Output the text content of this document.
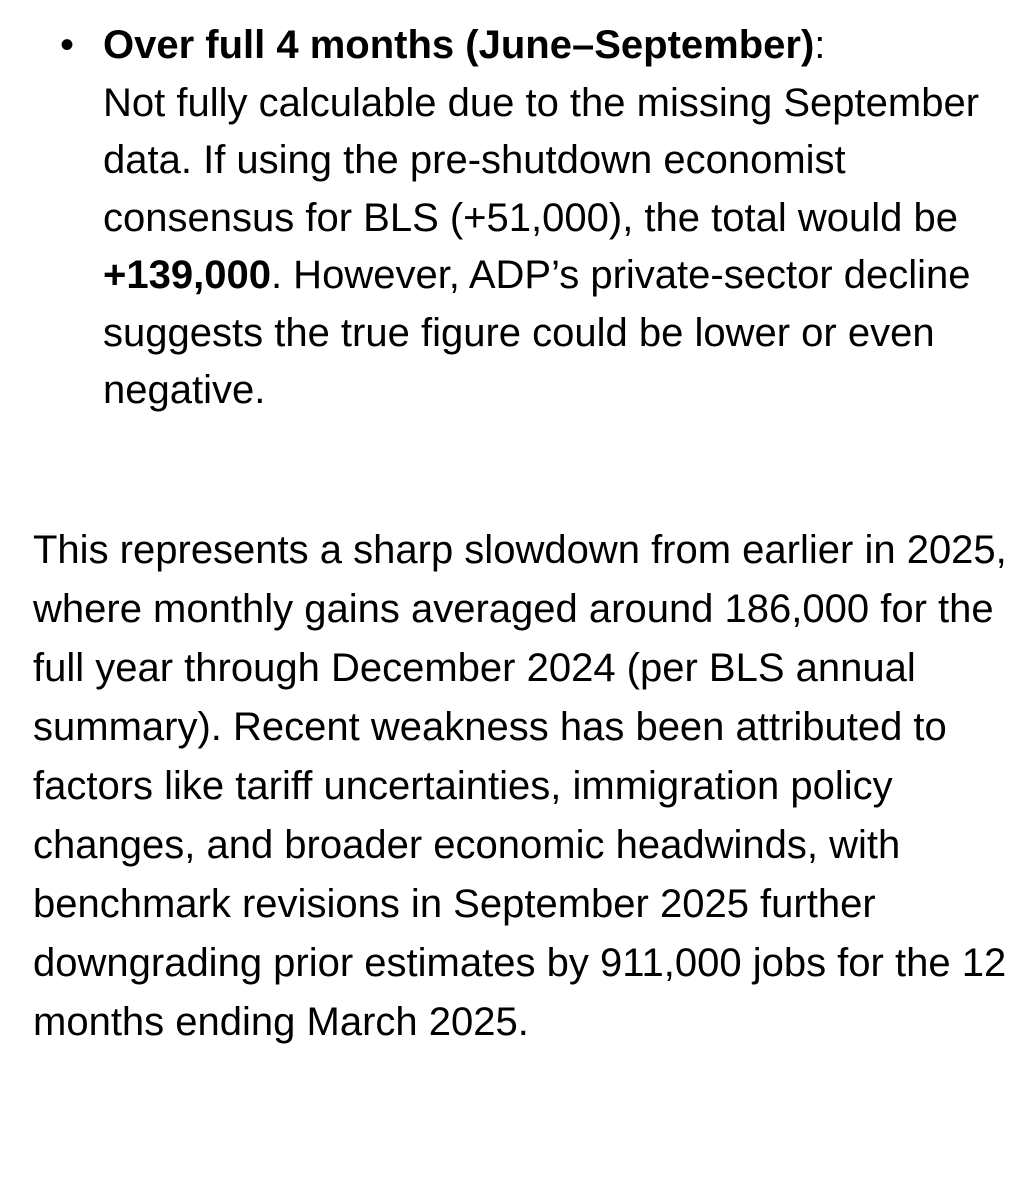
• Over full 4 months (June–September):
Not fully calculable due to the missing September data. If using the pre-shutdown economist consensus for BLS (+51,000), the total would be +139,000. However, ADP’s private-sector decline suggests the true figure could be lower or even negative.

This represents a sharp slowdown from earlier in 2025, where monthly gains averaged around 186,000 for the full year through December 2024 (per BLS annual summary). Recent weakness has been attributed to factors like tariff uncertainties, immigration policy changes, and broader economic headwinds, with benchmark revisions in September 2025 further downgrading prior estimates by 911,000 jobs for the 12 months ending March 2025.
